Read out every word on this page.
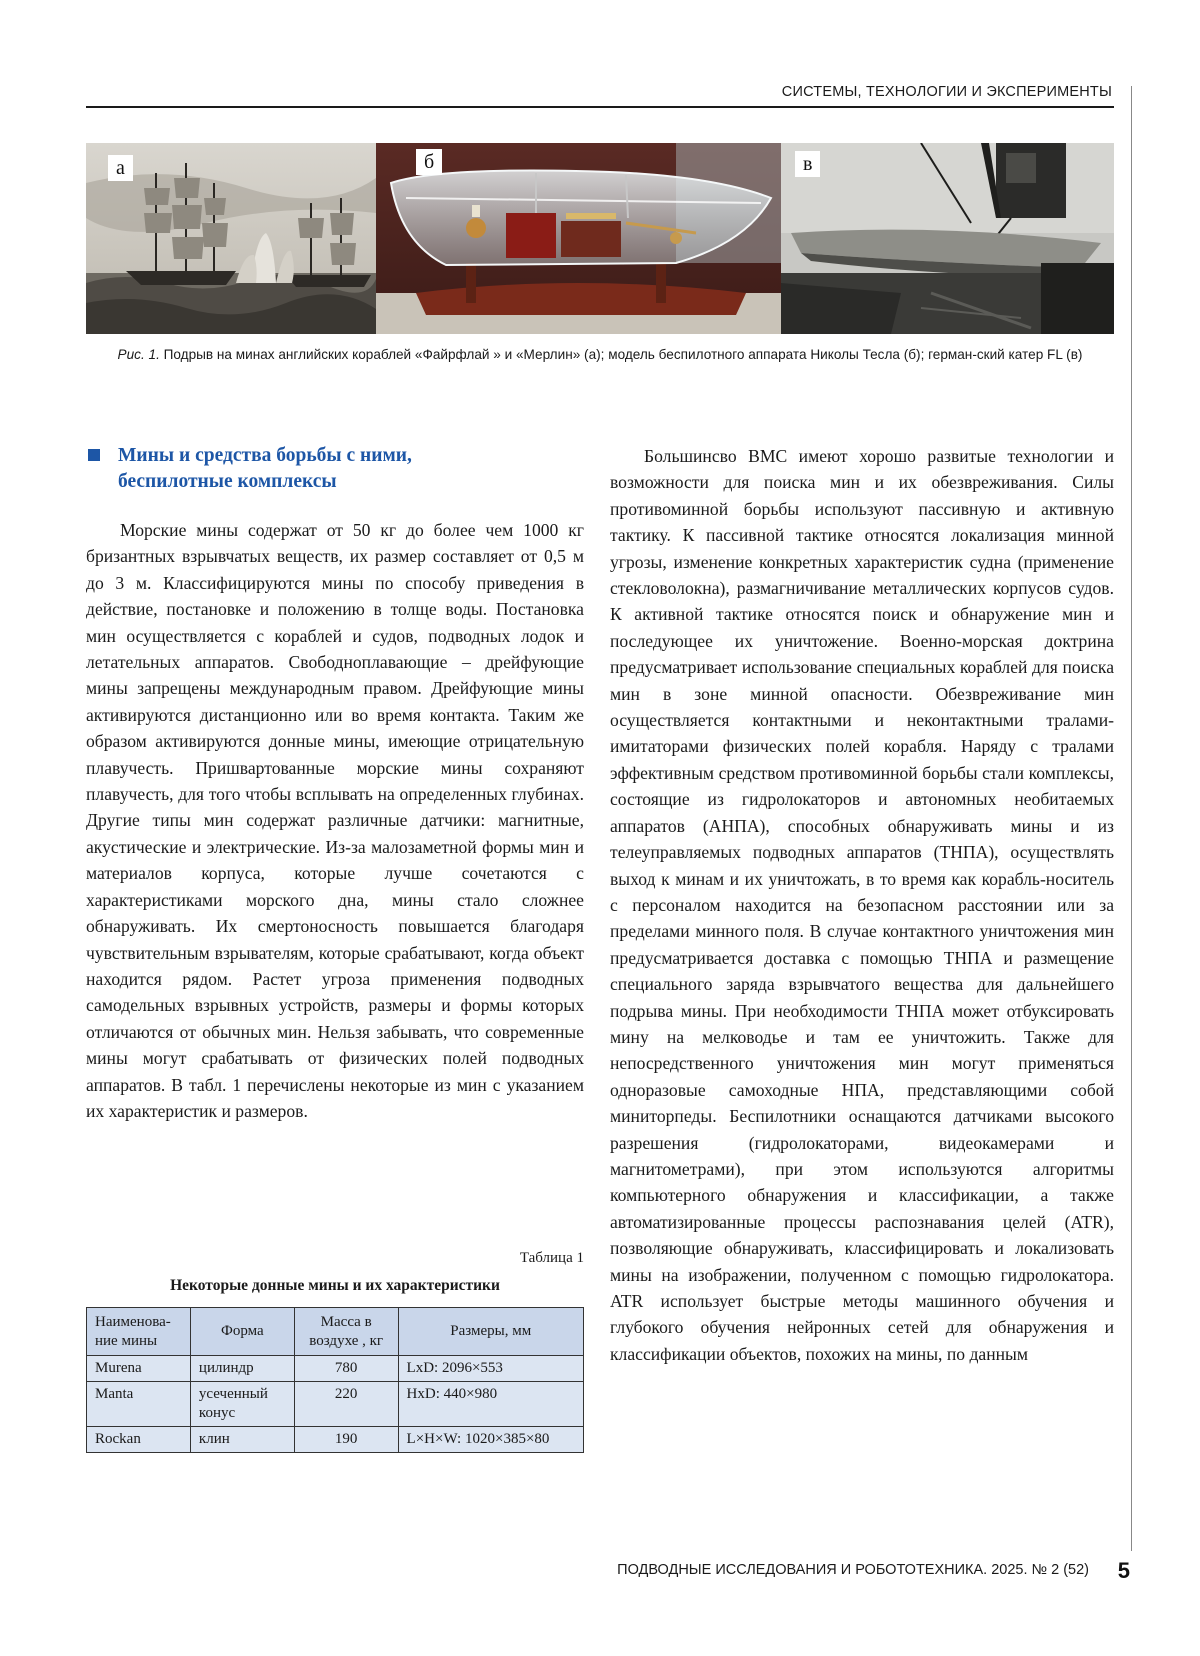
СИСТЕМЫ, ТЕХНОЛОГИИ И ЭКСПЕРИМЕНТЫ
а	б	в
Рис. 1. Подрыв на минах английских кораблей «Файрфлай » и «Мерлин» (а); модель беспилотного аппарата Николы Тесла (б); герман-ский катер FL (в)
Мины и средства борьбы с ними,
беспилотные комплексы

Морские мины содержат от 50 кг до более чем 1000 кг бризантных взрывчатых веществ, их размер составляет от 0,5 м до 3 м. Классифицируются мины по способу приведения в действие, постановке и положению в толще воды. Постановка мин осуществляется с кораблей и судов, подводных лодок и летательных аппаратов. Свободноплавающие – дрейфующие мины запрещены международным правом. Дрейфующие мины активируются дистанционно или во время контакта. Таким же образом активируются донные мины, имеющие отрицательную плавучесть. Пришвартованные морские мины сохраняют плавучесть, для того чтобы всплывать на определенных глубинах. Другие типы мин содержат различные датчики: магнитные, акустические и электрические. Из-за малозаметной формы мин и материалов корпуса, которые лучше сочетаются с характеристиками морского дна, мины стало сложнее обнаруживать. Их смертоносность повышается благодаря чувствительным взрывателям, которые срабатывают, когда объект находится рядом. Растет угроза применения подводных самодельных взрывных устройств, размеры и формы которых отличаются от обычных мин. Нельзя забывать, что современные мины могут срабатывать от физических полей подводных аппаратов. В табл. 1 перечислены некоторые из мин с указанием их характеристик и размеров.

Таблица 1
Некоторые донные мины и их характеристики
Наименова-ние мины	Форма	Масса в воздухе , кг	Размеры, мм
Murena	цилиндр	780	LxD: 2096×553
Manta	усеченный конус	220	HxD: 440×980
Rockan	клин	190	L×H×W: 1020×385×80

Большинсво ВМС имеют хорошо развитые технологии и возможности для поиска мин и их обезвреживания. Силы противоминной борьбы используют пассивную и активную тактику. К пассивной тактике относятся локализация минной угрозы, изменение конкретных характеристик судна (применение стекловолокна), размагничивание металлических корпусов судов. К активной тактике относятся поиск и обнаружение мин и последующее их уничтожение. Военно-морская доктрина предусматривает использование специальных кораблей для поиска мин в зоне минной опасности. Обезвреживание мин осуществляется контактными и неконтактными тралами-имитаторами физических полей корабля. Наряду с тралами эффективным средством противоминной борьбы стали комплексы, состоящие из гидролокаторов и автономных необитаемых аппаратов (АНПА), способных обнаруживать мины и из телеуправляемых подводных аппаратов (ТНПА), осуществлять выход к минам и их уничтожать, в то время как корабль-носитель с персоналом находится на безопасном расстоянии или за пределами минного поля. В случае контактного уничтожения мин предусматривается доставка с помощью ТНПА и размещение специального заряда взрывчатого вещества для дальнейшего подрыва мины. При необходимости ТНПА может отбуксировать мину на мелководье и там ее уничтожить. Также для непосредственного уничтожения мин могут применяться одноразовые самоходные НПА, представляющими собой миниторпеды. Беспилотники оснащаются датчиками высокого разрешения (гидролокаторами, видеокамерами и магнитометрами), при этом используются алгоритмы компьютерного обнаружения и классификации, а также автоматизированные процессы распознавания целей (ATR), позволяющие обнаруживать, классифицировать и локализовать мины на изображении, полученном с помощью гидролокатора. ATR использует быстрые методы машинного обучения и глубокого обучения нейронных сетей для обнаружения и классификации объектов, похожих на мины, по данным

ПОДВОДНЫЕ ИССЛЕДОВАНИЯ И РОБОТОТЕХНИКА. 2025. № 2 (52) 5
